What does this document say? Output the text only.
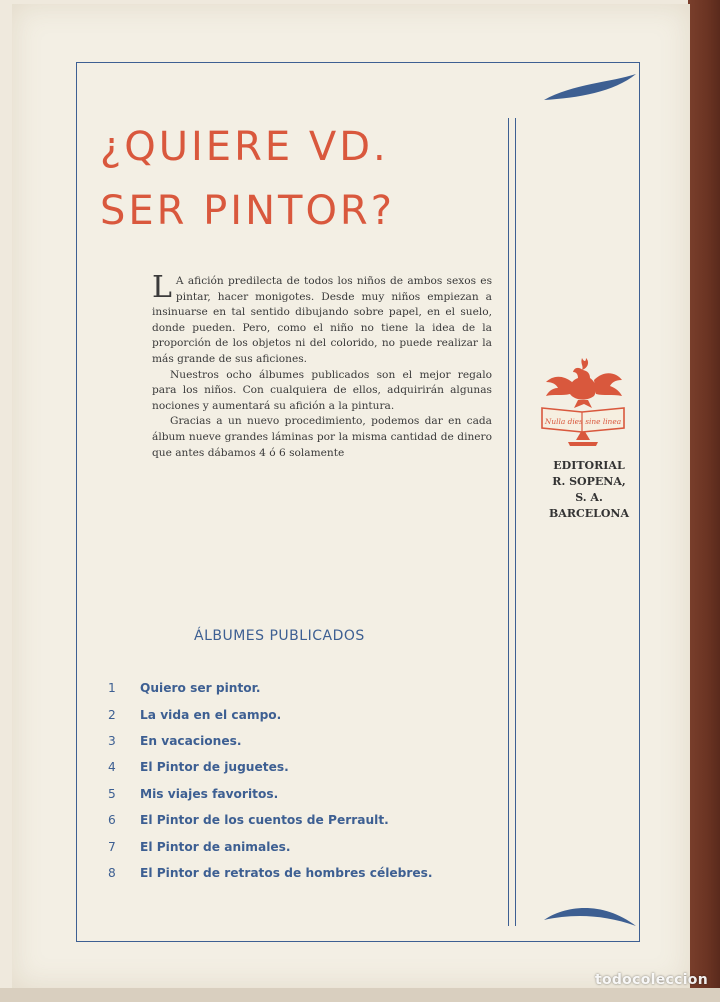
¿QUIERE VD.
SER PINTOR?

L A afición predilecta de todos los niños de ambos sexos es pintar, hacer monigotes. Desde muy niños empiezan a insinuarse en tal sentido dibujando sobre papel, en el suelo, donde pueden. Pero, como el niño no tiene la idea de la proporción de los objetos ni del colorido, no puede realizar la más grande de sus aficiones.

Nuestros ocho álbumes publicados son el mejor regalo para los niños. Con cualquiera de ellos, adquirirán algunas nociones y aumentará su afición a la pintura.

Gracias a un nuevo procedimiento, podemos dar en cada álbum nueve grandes láminas por la misma cantidad de dinero que antes dábamos 4 ó 6 solamente

ÁLBUMES PUBLICADOS
1	Quiero ser pintor.
2	La vida en el campo.
3	En vacaciones.
4	El Pintor de juguetes.
5	Mis viajes favoritos.
6	El Pintor de los cuentos de Perrault.
7	El Pintor de animales.
8	El Pintor de retratos de hombres célebres.
Nulla dies sine linea
EDITORIAL
R. SOPENA,
S. A.
BARCELONA
todocoleccion
